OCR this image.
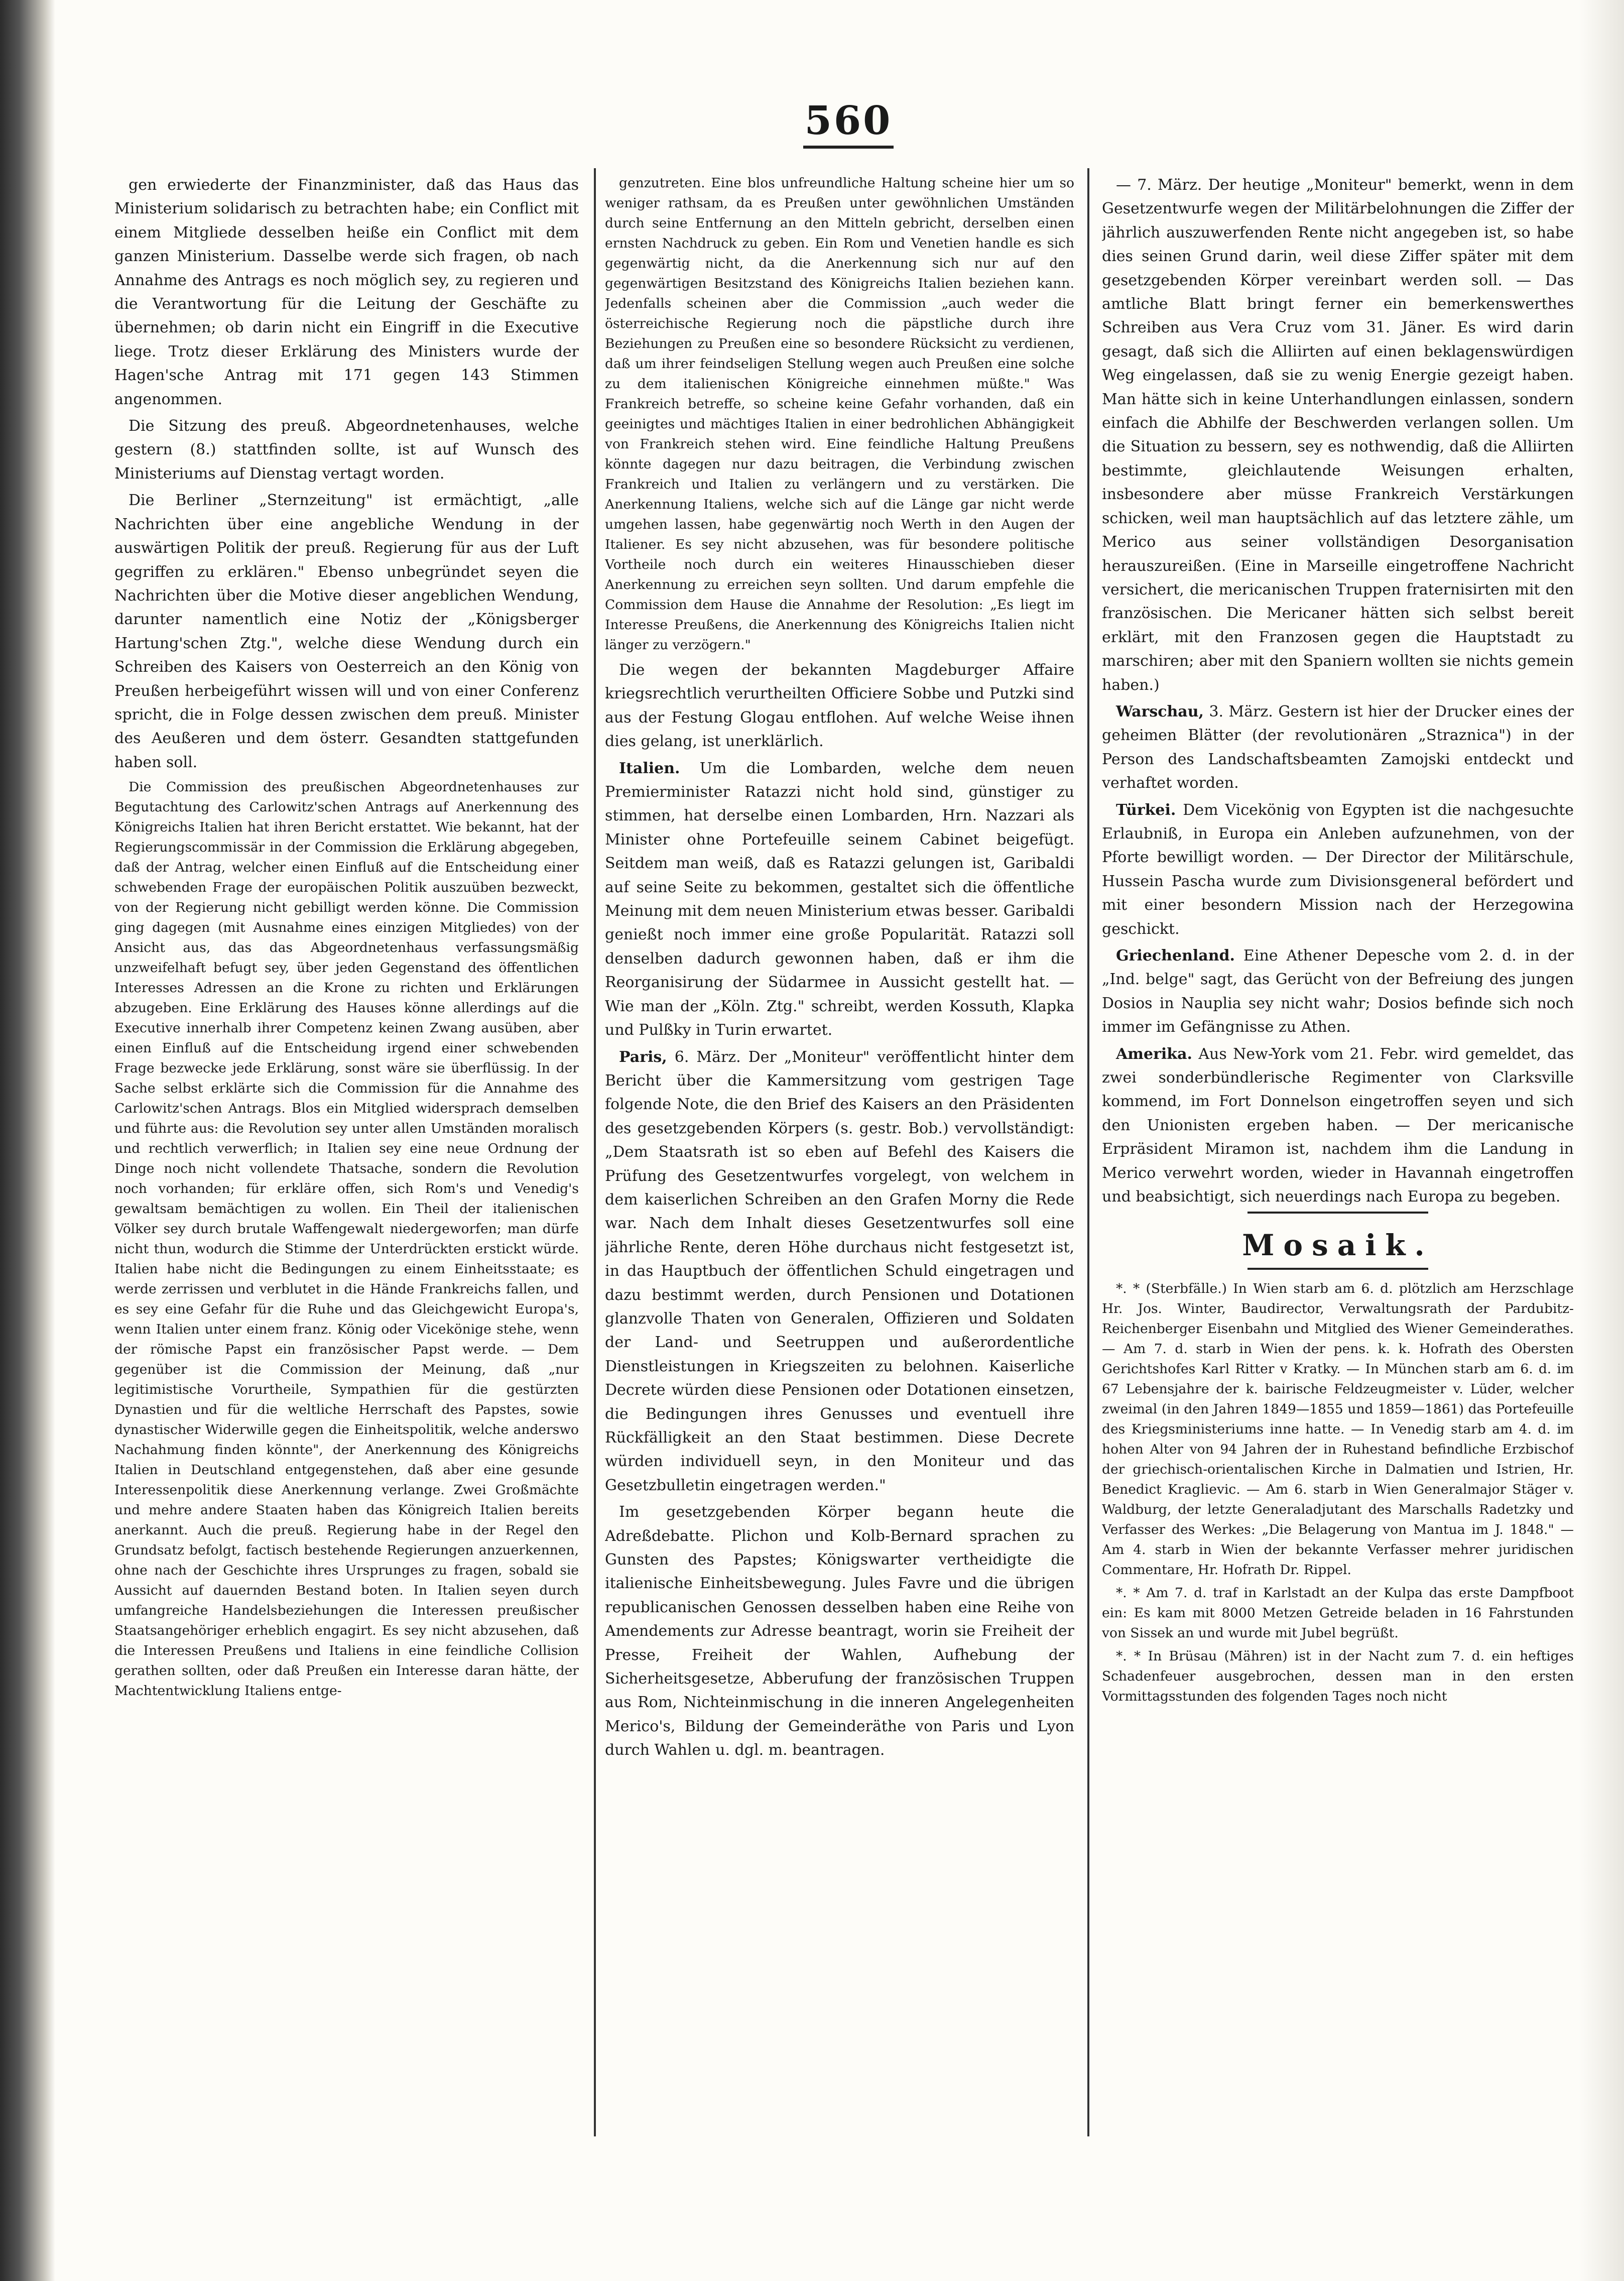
560

gen erwiederte der Finanzminister, daß das Haus das Ministerium solidarisch zu betrachten habe; ein Conflict mit einem Mitgliede desselben heiße ein Conflict mit dem ganzen Ministerium. Dasselbe werde sich fragen, ob nach Annahme des Antrags es noch möglich sey, zu regieren und die Verantwortung für die Leitung der Geschäfte zu übernehmen; ob darin nicht ein Eingriff in die Executive liege. Trotz dieser Erklärung des Ministers wurde der Hagen'sche Antrag mit 171 gegen 143 Stimmen angenommen.

Die Sitzung des preuß. Abgeordnetenhauses, welche gestern (8.) stattfinden sollte, ist auf Wunsch des Ministeriums auf Dienstag vertagt worden.

Die Berliner „Sternzeitung" ist ermächtigt, „alle Nachrichten über eine angebliche Wendung in der auswärtigen Politik der preuß. Regierung für aus der Luft gegriffen zu erklären." Ebenso unbegründet seyen die Nachrichten über die Motive dieser angeblichen Wendung, darunter namentlich eine Notiz der „Königsberger Hartung'schen Ztg.", welche diese Wendung durch ein Schreiben des Kaisers von Oesterreich an den König von Preußen herbeigeführt wissen will und von einer Conferenz spricht, die in Folge dessen zwischen dem preuß. Minister des Aeußeren und dem österr. Gesandten stattgefunden haben soll.

Die Commission des preußischen Abgeordnetenhauses zur Begutachtung des Carlowitz'schen Antrags auf Anerkennung des Königreichs Italien hat ihren Bericht erstattet. Wie bekannt, hat der Regierungscommissär in der Commission die Erklärung abgegeben, daß der Antrag, welcher einen Einfluß auf die Entscheidung einer schwebenden Frage der europäischen Politik auszuüben bezweckt, von der Regierung nicht gebilligt werden könne. Die Commission ging dagegen (mit Ausnahme eines einzigen Mitgliedes) von der Ansicht aus, das das Abgeordnetenhaus verfassungsmäßig unzweifelhaft befugt sey, über jeden Gegenstand des öffentlichen Interesses Adressen an die Krone zu richten und Erklärungen abzugeben. Eine Erklärung des Hauses könne allerdings auf die Executive innerhalb ihrer Competenz keinen Zwang ausüben, aber einen Einfluß auf die Entscheidung irgend einer schwebenden Frage bezwecke jede Erklärung, sonst wäre sie überflüssig. In der Sache selbst erklärte sich die Commission für die Annahme des Carlowitz'schen Antrags. Blos ein Mitglied widersprach demselben und führte aus: die Revolution sey unter allen Umständen moralisch und rechtlich verwerflich; in Italien sey eine neue Ordnung der Dinge noch nicht vollendete Thatsache, sondern die Revolution noch vorhanden; für erkläre offen, sich Rom's und Venedig's gewaltsam bemächtigen zu wollen. Ein Theil der italienischen Völker sey durch brutale Waffengewalt niedergeworfen; man dürfe nicht thun, wodurch die Stimme der Unterdrückten erstickt würde. Italien habe nicht die Bedingungen zu einem Einheitsstaate; es werde zerrissen und verblutet in die Hände Frankreichs fallen, und es sey eine Gefahr für die Ruhe und das Gleichgewicht Europa's, wenn Italien unter einem franz. König oder Vicekönige stehe, wenn der römische Papst ein französischer Papst werde. — Dem gegenüber ist die Commission der Meinung, daß „nur legitimistische Vorurtheile, Sympathien für die gestürzten Dynastien und für die weltliche Herrschaft des Papstes, sowie dynastischer Widerwille gegen die Einheitspolitik, welche anderswo Nachahmung finden könnte", der Anerkennung des Königreichs Italien in Deutschland entgegenstehen, daß aber eine gesunde Interessenpolitik diese Anerkennung verlange. Zwei Großmächte und mehre andere Staaten haben das Königreich Italien bereits anerkannt. Auch die preuß. Regierung habe in der Regel den Grundsatz befolgt, factisch bestehende Regierungen anzuerkennen, ohne nach der Geschichte ihres Ursprunges zu fragen, sobald sie Aussicht auf dauernden Bestand boten. In Italien seyen durch umfangreiche Handelsbeziehungen die Interessen preußischer Staatsangehöriger erheblich engagirt. Es sey nicht abzusehen, daß die Interessen Preußens und Italiens in eine feindliche Collision gerathen sollten, oder daß Preußen ein Interesse daran hätte, der Machtentwicklung Italiens entge-

genzutreten. Eine blos unfreundliche Haltung scheine hier um so weniger rathsam, da es Preußen unter gewöhnlichen Umständen durch seine Entfernung an den Mitteln gebricht, derselben einen ernsten Nachdruck zu geben. Ein Rom und Venetien handle es sich gegenwärtig nicht, da die Anerkennung sich nur auf den gegenwärtigen Besitzstand des Königreichs Italien beziehen kann. Jedenfalls scheinen aber die Commission „auch weder die österreichische Regierung noch die päpstliche durch ihre Beziehungen zu Preußen eine so besondere Rücksicht zu verdienen, daß um ihrer feindseligen Stellung wegen auch Preußen eine solche zu dem italienischen Königreiche einnehmen müßte." Was Frankreich betreffe, so scheine keine Gefahr vorhanden, daß ein geeinigtes und mächtiges Italien in einer bedrohlichen Abhängigkeit von Frankreich stehen wird. Eine feindliche Haltung Preußens könnte dagegen nur dazu beitragen, die Verbindung zwischen Frankreich und Italien zu verlängern und zu verstärken. Die Anerkennung Italiens, welche sich auf die Länge gar nicht werde umgehen lassen, habe gegenwärtig noch Werth in den Augen der Italiener. Es sey nicht abzusehen, was für besondere politische Vortheile noch durch ein weiteres Hinausschieben dieser Anerkennung zu erreichen seyn sollten. Und darum empfehle die Commission dem Hause die Annahme der Resolution: „Es liegt im Interesse Preußens, die Anerkennung des Königreichs Italien nicht länger zu verzögern."

Die wegen der bekannten Magdeburger Affaire kriegsrechtlich verurtheilten Officiere Sobbe und Putzki sind aus der Festung Glogau entflohen. Auf welche Weise ihnen dies gelang, ist unerklärlich.

Italien. Um die Lombarden, welche dem neuen Premierminister Ratazzi nicht hold sind, günstiger zu stimmen, hat derselbe einen Lombarden, Hrn. Nazzari als Minister ohne Portefeuille seinem Cabinet beigefügt. Seitdem man weiß, daß es Ratazzi gelungen ist, Garibaldi auf seine Seite zu bekommen, gestaltet sich die öffentliche Meinung mit dem neuen Ministerium etwas besser. Garibaldi genießt noch immer eine große Popularität. Ratazzi soll denselben dadurch gewonnen haben, daß er ihm die Reorganisirung der Südarmee in Aussicht gestellt hat. — Wie man der „Köln. Ztg." schreibt, werden Kossuth, Klapka und Pulßky in Turin erwartet.

Paris, 6. März. Der „Moniteur" veröffentlicht hinter dem Bericht über die Kammersitzung vom gestrigen Tage folgende Note, die den Brief des Kaisers an den Präsidenten des gesetzgebenden Körpers (s. gestr. Bob.) vervollständigt: „Dem Staatsrath ist so eben auf Befehl des Kaisers die Prüfung des Gesetzentwurfes vorgelegt, von welchem in dem kaiserlichen Schreiben an den Grafen Morny die Rede war. Nach dem Inhalt dieses Gesetzentwurfes soll eine jährliche Rente, deren Höhe durchaus nicht festgesetzt ist, in das Hauptbuch der öffentlichen Schuld eingetragen und dazu bestimmt werden, durch Pensionen und Dotationen glanzvolle Thaten von Generalen, Offizieren und Soldaten der Land- und Seetruppen und außerordentliche Dienstleistungen in Kriegszeiten zu belohnen. Kaiserliche Decrete würden diese Pensionen oder Dotationen einsetzen, die Bedingungen ihres Genusses und eventuell ihre Rückfälligkeit an den Staat bestimmen. Diese Decrete würden individuell seyn, in den Moniteur und das Gesetzbulletin eingetragen werden."

Im gesetzgebenden Körper begann heute die Adreßdebatte. Plichon und Kolb-Bernard sprachen zu Gunsten des Papstes; Königswarter vertheidigte die italienische Einheitsbewegung. Jules Favre und die übrigen republicanischen Genossen desselben haben eine Reihe von Amendements zur Adresse beantragt, worin sie Freiheit der Presse, Freiheit der Wahlen, Aufhebung der Sicherheitsgesetze, Abberufung der französischen Truppen aus Rom, Nichteinmischung in die inneren Angelegenheiten Merico's, Bildung der Gemeinderäthe von Paris und Lyon durch Wahlen u. dgl. m. beantragen.

— 7. März. Der heutige „Moniteur" bemerkt, wenn in dem Gesetzentwurfe wegen der Militärbelohnungen die Ziffer der jährlich auszuwerfenden Rente nicht angegeben ist, so habe dies seinen Grund darin, weil diese Ziffer später mit dem gesetzgebenden Körper vereinbart werden soll. — Das amtliche Blatt bringt ferner ein bemerkenswerthes Schreiben aus Vera Cruz vom 31. Jäner. Es wird darin gesagt, daß sich die Alliirten auf einen beklagenswürdigen Weg eingelassen, daß sie zu wenig Energie gezeigt haben. Man hätte sich in keine Unterhandlungen einlassen, sondern einfach die Abhilfe der Beschwerden verlangen sollen. Um die Situation zu bessern, sey es nothwendig, daß die Alliirten bestimmte, gleichlautende Weisungen erhalten, insbesondere aber müsse Frankreich Verstärkungen schicken, weil man hauptsächlich auf das letztere zähle, um Merico aus seiner vollständigen Desorganisation herauszureißen. (Eine in Marseille eingetroffene Nachricht versichert, die mericanischen Truppen fraternisirten mit den französischen. Die Mericaner hätten sich selbst bereit erklärt, mit den Franzosen gegen die Hauptstadt zu marschiren; aber mit den Spaniern wollten sie nichts gemein haben.)

Warschau, 3. März. Gestern ist hier der Drucker eines der geheimen Blätter (der revolutionären „Straznica") in der Person des Landschaftsbeamten Zamojski entdeckt und verhaftet worden.

Türkei. Dem Vicekönig von Egypten ist die nachgesuchte Erlaubniß, in Europa ein Anleben aufzunehmen, von der Pforte bewilligt worden. — Der Director der Militärschule, Hussein Pascha wurde zum Divisionsgeneral befördert und mit einer besondern Mission nach der Herzegowina geschickt.

Griechenland. Eine Athener Depesche vom 2. d. in der „Ind. belge" sagt, das Gerücht von der Befreiung des jungen Dosios in Nauplia sey nicht wahr; Dosios befinde sich noch immer im Gefängnisse zu Athen.

Amerika. Aus New-York vom 21. Febr. wird gemeldet, das zwei sonderbündlerische Regimenter von Clarksville kommend, im Fort Donnelson eingetroffen seyen und sich den Unionisten ergeben haben. — Der mericanische Erpräsident Miramon ist, nachdem ihm die Landung in Merico verwehrt worden, wieder in Havannah eingetroffen und beabsichtigt, sich neuerdings nach Europa zu begeben.

Mosaik.

*. * (Sterbfälle.) In Wien starb am 6. d. plötzlich am Herzschlage Hr. Jos. Winter, Baudirector, Verwaltungsrath der Pardubitz-Reichenberger Eisenbahn und Mitglied des Wiener Gemeinderathes. — Am 7. d. starb in Wien der pens. k. k. Hofrath des Obersten Gerichtshofes Karl Ritter v Kratky. — In München starb am 6. d. im 67 Lebensjahre der k. bairische Feldzeugmeister v. Lüder, welcher zweimal (in den Jahren 1849—1855 und 1859—1861) das Portefeuille des Kriegsministeriums inne hatte. — In Venedig starb am 4. d. im hohen Alter von 94 Jahren der in Ruhestand befindliche Erzbischof der griechisch-orientalischen Kirche in Dalmatien und Istrien, Hr. Benedict Kraglievic. — Am 6. starb in Wien Generalmajor Stäger v. Waldburg, der letzte Generaladjutant des Marschalls Radetzky und Verfasser des Werkes: „Die Belagerung von Mantua im J. 1848." — Am 4. starb in Wien der bekannte Verfasser mehrer juridischen Commentare, Hr. Hofrath Dr. Rippel.

*. * Am 7. d. traf in Karlstadt an der Kulpa das erste Dampfboot ein: Es kam mit 8000 Metzen Getreide beladen in 16 Fahrstunden von Sissek an und wurde mit Jubel begrüßt.

*. * In Brüsau (Mähren) ist in der Nacht zum 7. d. ein heftiges Schadenfeuer ausgebrochen, dessen man in den ersten Vormittagsstunden des folgenden Tages noch nicht
